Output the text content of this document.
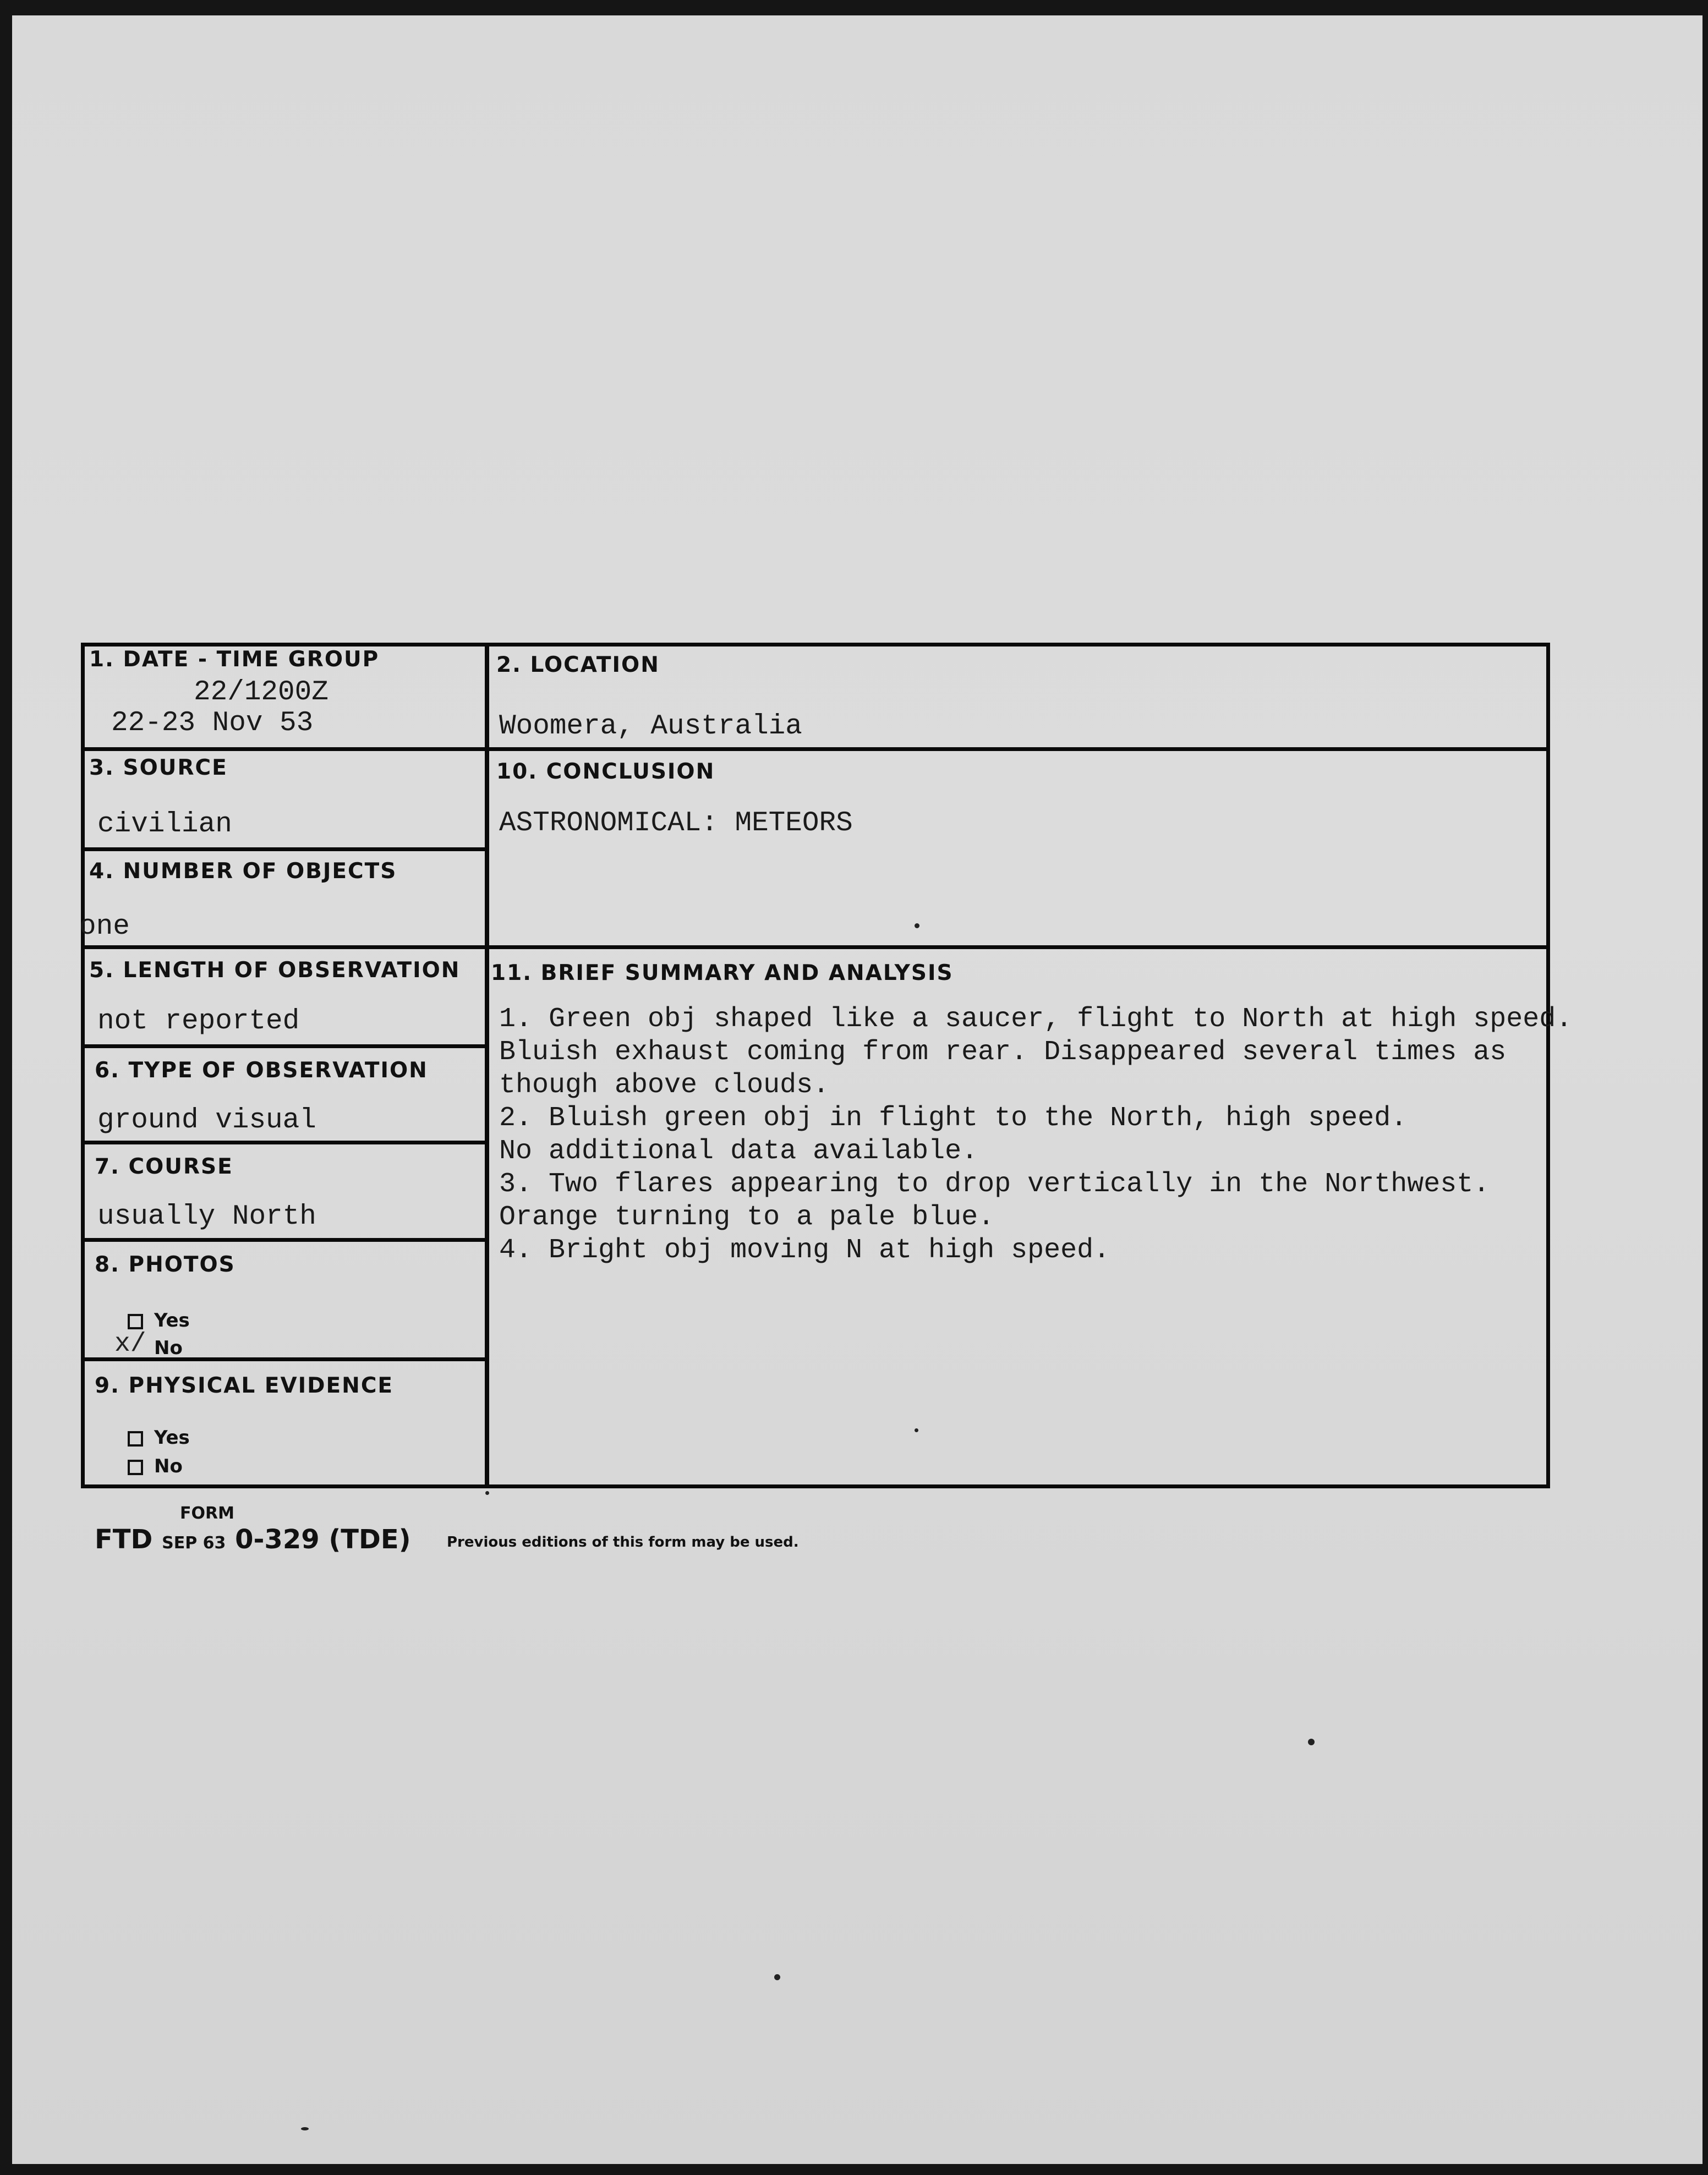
1. DATE - TIME GROUP
22/1200Z
22-23 Nov 53
2. LOCATION
Woomera, Australia
3. SOURCE
civilian
10. CONCLUSION
ASTRONOMICAL: METEORS
4. NUMBER OF OBJECTS
one
5. LENGTH OF OBSERVATION
not reported
11. BRIEF SUMMARY AND ANALYSIS
1. Green obj shaped like a saucer, flight to North at high speed.
Bluish exhaust coming from rear. Disappeared several times as
though above clouds.
2. Bluish green obj in flight to the North, high speed.
No additional data available.
3. Two flares appearing to drop vertically in the Northwest.
Orange turning to a pale blue.
4. Bright obj moving N at high speed.
6. TYPE OF OBSERVATION
ground visual
7. COURSE
usually North
8. PHOTOS
Yes
No
x/
9. PHYSICAL EVIDENCE
Yes
No
FORM
FTD SEP 63 0-329 (TDE)	Previous editions of this form may be used.
